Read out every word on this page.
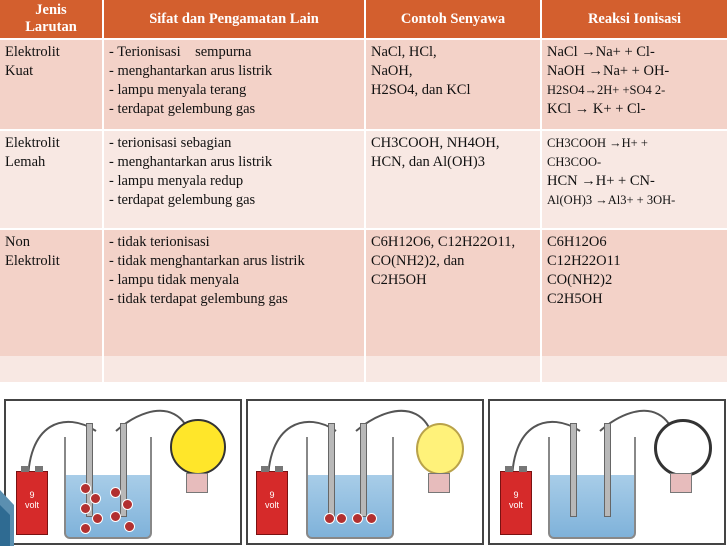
Jenis
Larutan	Sifat dan Pengamatan Lain	Contoh Senyawa	Reaksi Ionisasi

Elektrolit
Kuat	- Terionisasi    sempurna
- menghantarkan arus listrik
- lampu menyala terang
- terdapat gelembung gas	NaCl, HCl,
NaOH,
H2SO4, dan KCl	NaCl →Na+ + Cl-
NaOH →Na+ + OH-
H2SO4→2H+ +SO4 2-
KCl → K+ + Cl-

Elektrolit
Lemah	- terionisasi sebagian
- menghantarkan arus listrik
- lampu menyala redup
- terdapat gelembung gas	CH3COOH, NH4OH,
HCN, dan Al(OH)3	CH3COOH →H+ +
CH3COO-
HCN →H+ + CN-
Al(OH)3 →Al3+ + 3OH-

Non
Elektrolit	- tidak terionisasi
- tidak menghantarkan arus listrik
- lampu tidak menyala
- tidak terdapat gelembung gas	C6H12O6, C12H22O11,
CO(NH2)2, dan
C2H5OH	C6H12O6
C12H22O11
CO(NH2)2
C2H5OH

9
volt
9
volt
9
volt
